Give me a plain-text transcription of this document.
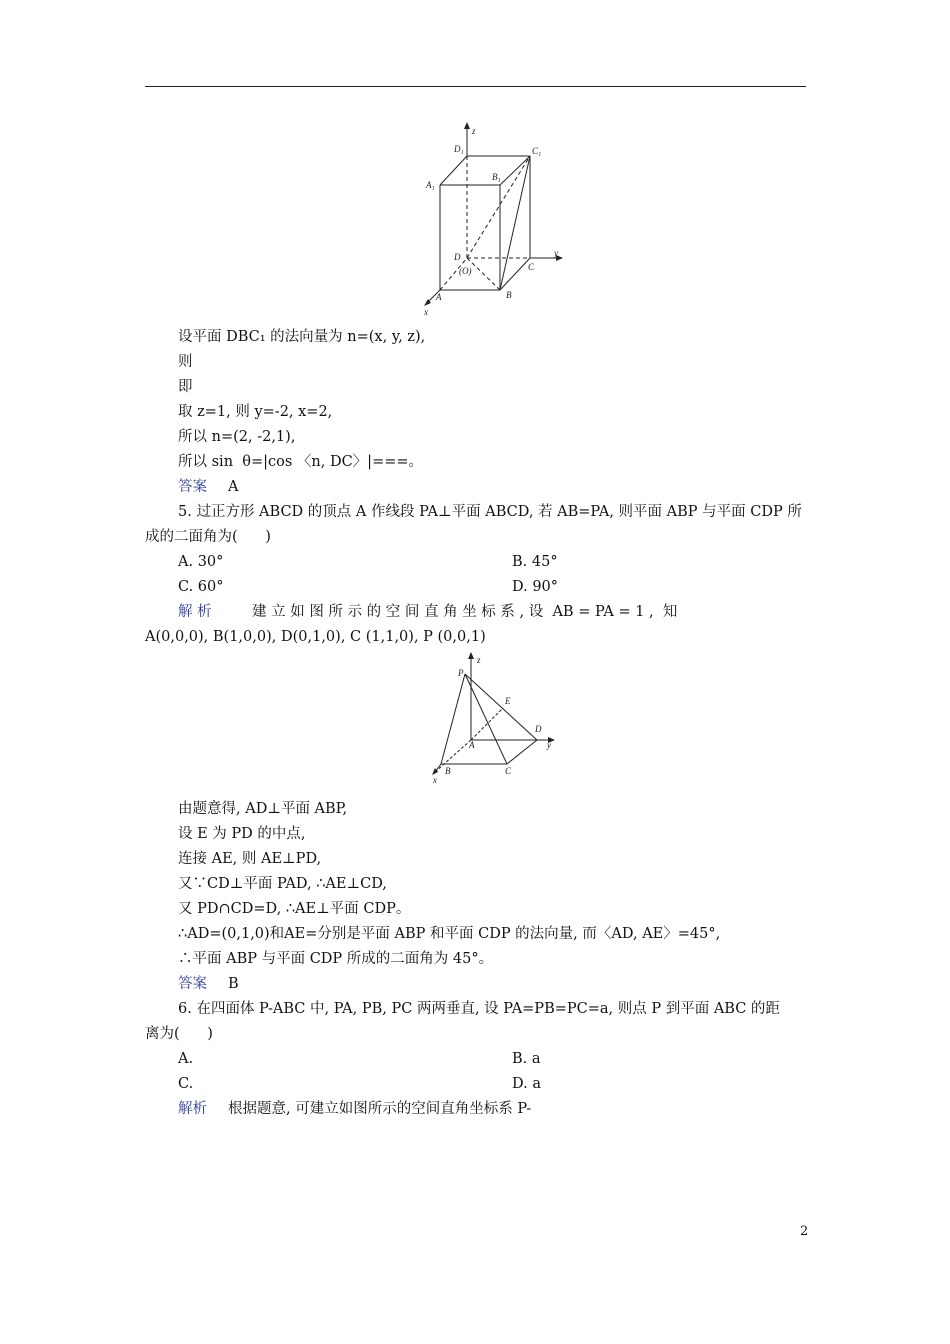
z
D₁	C₁
A₁
B₁
D
(O)
y
C
A	B
x
设平面 DBC₁ 的法向量为 n=(x, y, z),
则
即
取 z=1, 则 y=-2, x=2,
所以 n=(2, -2,1),
所以 sin  θ=|cos 〈n, DC〉|===。
答案 A
5. 过正方形 ABCD 的顶点 A 作线段 PA⊥平面 ABCD, 若 AB=PA, 则平面 ABP 与平面 CDP 所
成的二面角为(      )
A. 30°	B. 45°
C. 60°	D. 90°
解 析	建 立 如 图 所 示 的 空 间 直 角 坐 标 系 , 设  AB = PA = 1 ,  知
A(0,0,0), B(1,0,0), D(0,1,0), C (1,1,0), P (0,0,1)
z
P
E
D
A	y
B	C
x
由题意得, AD⊥平面 ABP,
设 E 为 PD 的中点,
连接 AE, 则 AE⊥PD,
又∵CD⊥平面 PAD, ∴AE⊥CD,
又 PD∩CD=D, ∴AE⊥平面 CDP。
∴AD=(0,1,0)和AE=分别是平面 ABP 和平面 CDP 的法向量, 而〈AD, AE〉=45°,
∴平面 ABP 与平面 CDP 所成的二面角为 45°。
答案 B
6. 在四面体 P-ABC 中, PA, PB, PC 两两垂直, 设 PA=PB=PC=a, 则点 P 到平面 ABC 的距
离为(      )
A.	B. a
C.	D. a
解析 根据题意, 可建立如图所示的空间直角坐标系 P-
2
